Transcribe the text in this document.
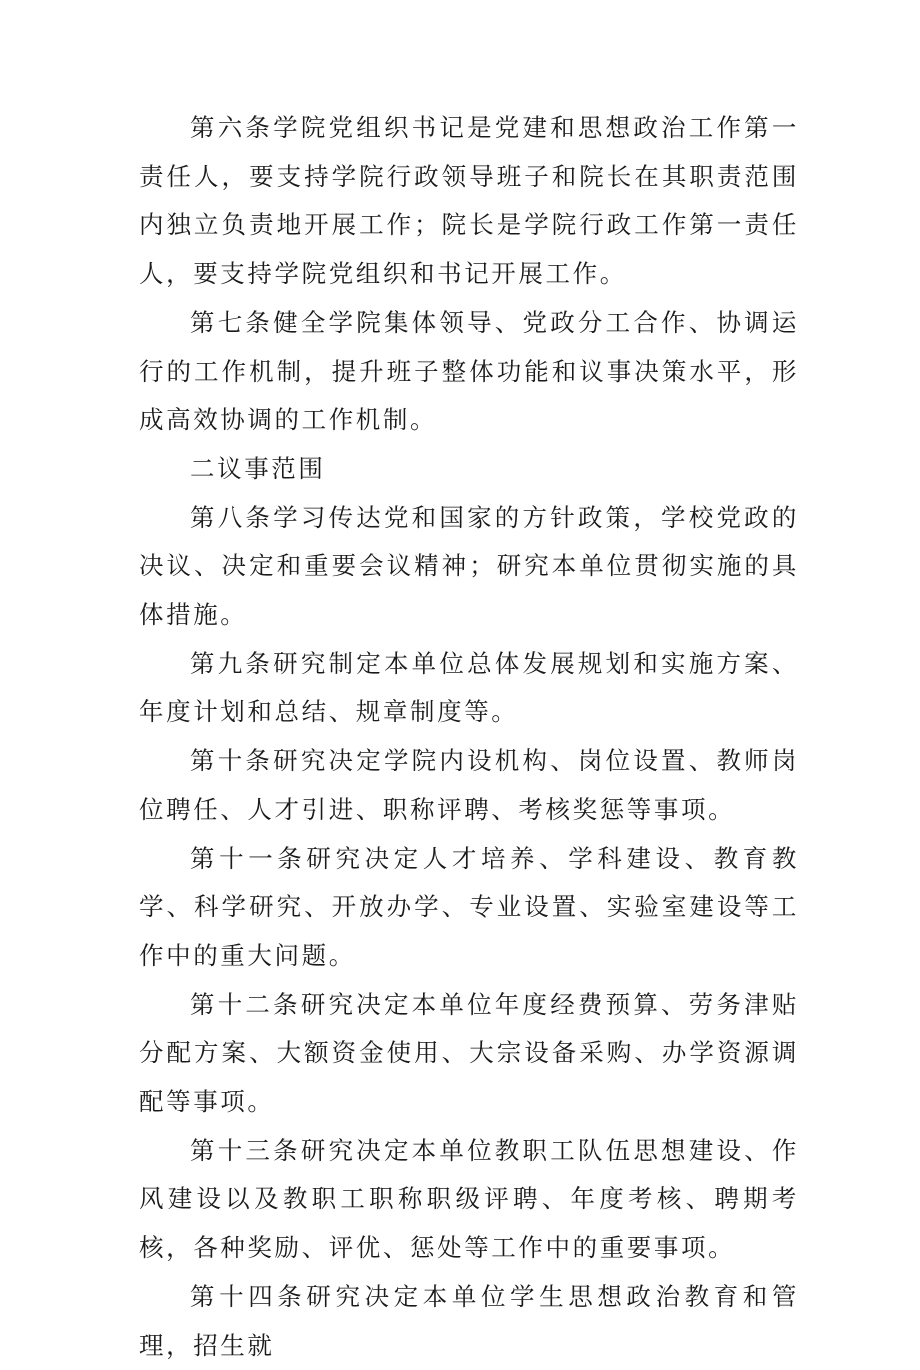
第六条学院党组织书记是党建和思想政治工作第一责任人，要支持学院行政领导班子和院长在其职责范围内独立负责地开展工作；院长是学院行政工作第一责任人，要支持学院党组织和书记开展工作。

第七条健全学院集体领导、党政分工合作、协调运行的工作机制，提升班子整体功能和议事决策水平，形成高效协调的工作机制。

二议事范围

第八条学习传达党和国家的方针政策，学校党政的决议、决定和重要会议精神；研究本单位贯彻实施的具体措施。

第九条研究制定本单位总体发展规划和实施方案、年度计划和总结、规章制度等。

第十条研究决定学院内设机构、岗位设置、教师岗位聘任、人才引进、职称评聘、考核奖惩等事项。

第十一条研究决定人才培养、学科建设、教育教学、科学研究、开放办学、专业设置、实验室建设等工作中的重大问题。

第十二条研究决定本单位年度经费预算、劳务津贴分配方案、大额资金使用、大宗设备采购、办学资源调配等事项。

第十三条研究决定本单位教职工队伍思想建设、作风建设以及教职工职称职级评聘、年度考核、聘期考核，各种奖励、评优、惩处等工作中的重要事项。

第十四条研究决定本单位学生思想政治教育和管理，招生就
